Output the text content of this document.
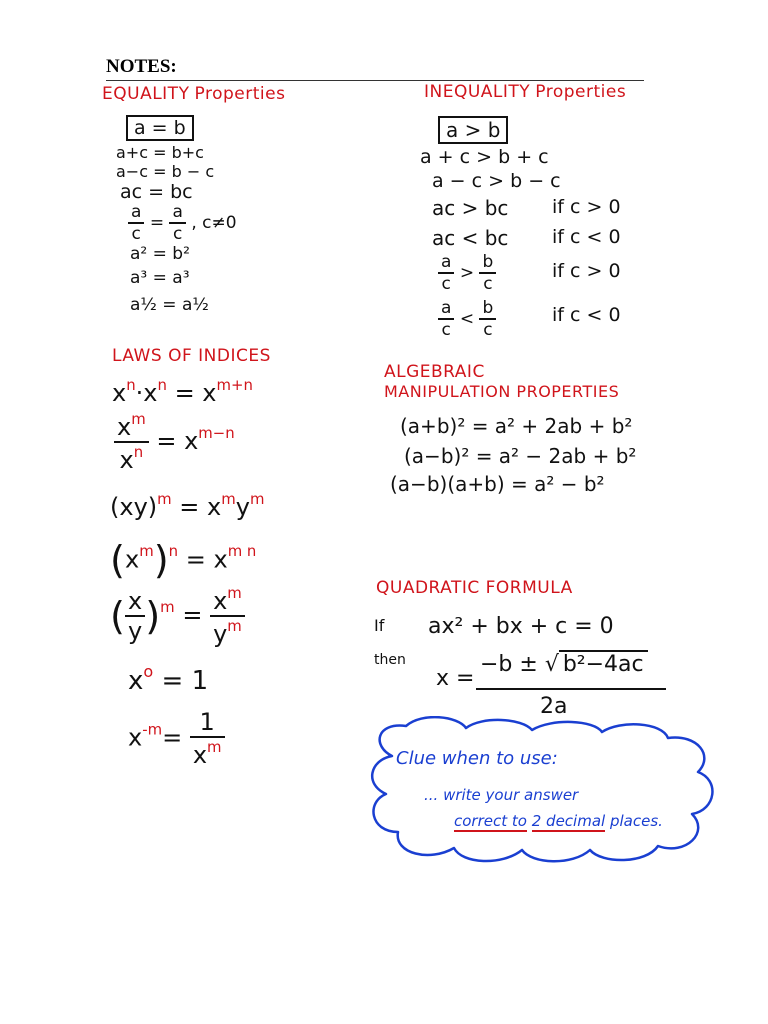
NOTES:
EQUALITY Properties
a = b
a+c = b+c
a−c = b − c
ac = bc
$\frac{a}{c} = \frac{a}{c}$ , c≠0
a² = b²
a³ = a³
a½ = a½
INEQUALITY Properties
a > b
a + c > b + c
a − c > b − c
ac > bc if c > 0
ac < bc if c < 0
$\frac{a}{c} > \frac{b}{c}$	if c > 0
$\frac{a}{c} < \frac{b}{c}$	if c < 0
LAWS OF INDICES
$x^n\cdot x^n = x^{m+n}$
$\frac{x^m}{x^n} = x^{m-n}$
$(xy)^m = x^my^m$
$(x^m)^n = x^{m n}$
( $\frac{x}{y} )^m = \frac{x^m}{y^m}$
$x^o = 1$
$x^{-m}= \frac{1}{x^m}$
ALGEBRAIC
MANIPULATION PROPERTIES
(a+b)² = a² + 2ab + b²
(a−b)² = a² − 2ab + b²
(a−b)(a+b) = a² − b²
QUADRATIC FORMULA
If ax² + bx + c = 0
then
x =
−b ± √ b²−4ac
2a
Clue when to use:
... write your answer
correct to 2 decimal places.
